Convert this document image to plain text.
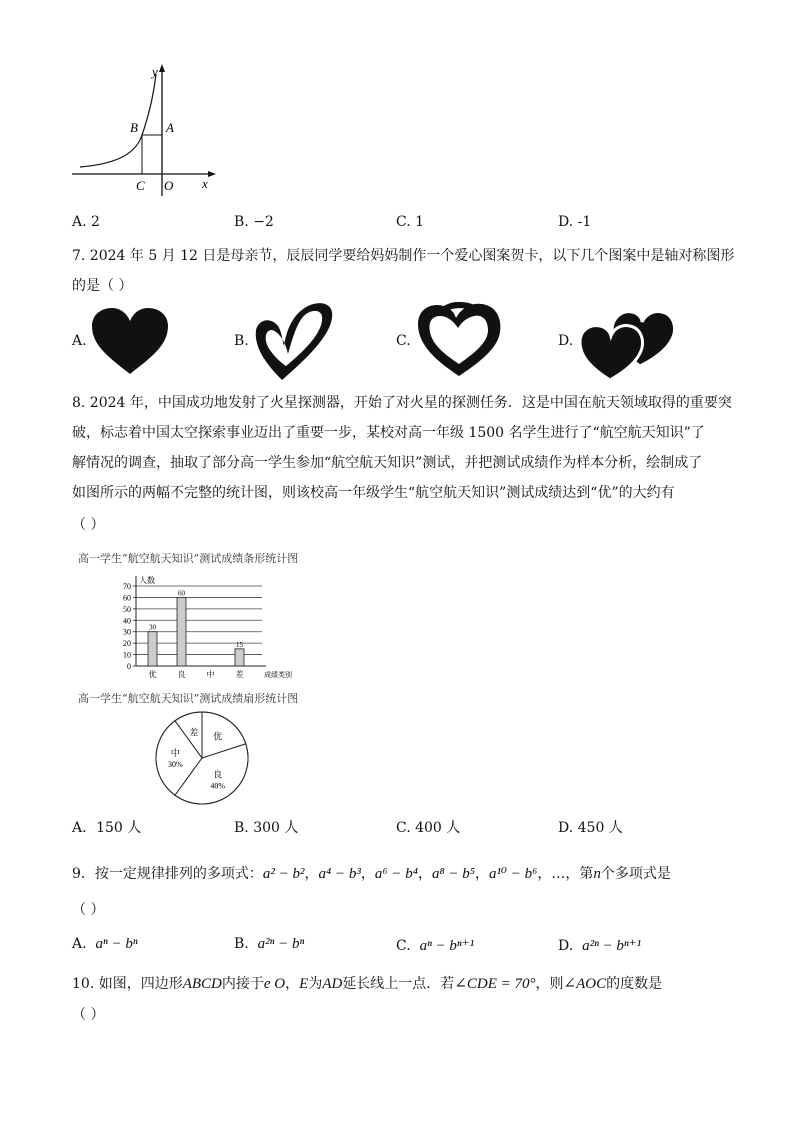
y
x
B A
C O
A. 2	B. −2	C. 1	D. -1
7. 2024 年 5 月 12 日是母亲节，辰辰同学要给妈妈制作一个爱心图案贺卡，以下几个图案中是轴对称图形
的是（ ）
A.	B.	C.	D.
8. 2024 年，中国成功地发射了火星探测器，开始了对火星的探测任务．这是中国在航天领域取得的重要突
破，标志着中国太空探索事业迈出了重要一步，某校对高一年级 1500 名学生进行了“航空航天知识”了
解情况的调查，抽取了部分高一学生参加“航空航天知识”测试，并把测试成绩作为样本分析，绘制成了
如图所示的两幅不完整的统计图，则该校高一年级学生“航空航天知识”测试成绩达到“优”的大约有
（ ）
高一学生“航空航天知识”测试成绩条形统计图
0
10
20
30
40
50
60
70
人数
30
优
60
良	中
15
差	成绩类别
高一学生“航空航天知识”测试成绩扇形统计图
优
良
40%
中
30%
差
A．150 人	B. 300 人	C. 400 人	D. 450 人
9．按一定规律排列的多项式：a² − b²，a⁴ − b³，a⁶ − b⁴，a⁸ − b⁵，a¹⁰ − b⁶，…，第n个多项式是
（ ）
A. aⁿ − bⁿ	B. a²ⁿ − bⁿ	C. aⁿ − bⁿ⁺¹	D. a²ⁿ − bⁿ⁺¹
10. 如图，四边形ABCD内接于e O，E为AD延长线上一点．若∠CDE = 70°，则∠AOC的度数是
（ ）
